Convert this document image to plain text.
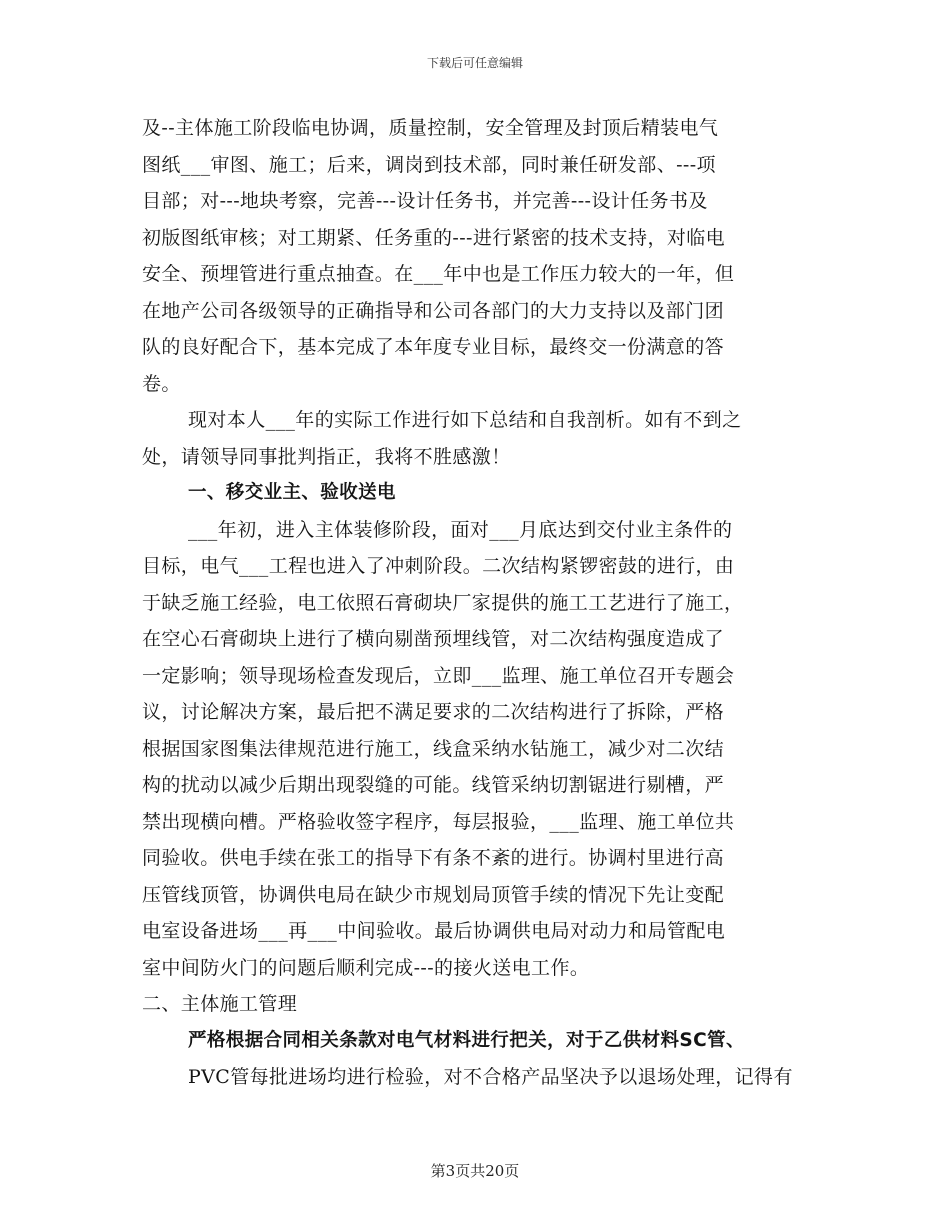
下载后可任意编辑
及--主体施工阶段临电协调，质量控制，安全管理及封顶后精装电气
图纸___审图、施工；后来，调岗到技术部，同时兼任研发部、---项
目部；对---地块考察，完善---设计任务书，并完善---设计任务书及
初版图纸审核；对工期紧、任务重的---进行紧密的技术支持，对临电
安全、预埋管进行重点抽查。在___年中也是工作压力较大的一年，但
在地产公司各级领导的正确指导和公司各部门的大力支持以及部门团
队的良好配合下，基本完成了本年度专业目标，最终交一份满意的答
卷。
现对本人___年的实际工作进行如下总结和自我剖析。如有不到之
处，请领导同事批判指正，我将不胜感激！
一、移交业主、验收送电
___年初，进入主体装修阶段，面对___月底达到交付业主条件的
目标，电气___工程也进入了冲刺阶段。二次结构紧锣密鼓的进行，由
于缺乏施工经验，电工依照石膏砌块厂家提供的施工工艺进行了施工，
在空心石膏砌块上进行了横向剔凿预埋线管，对二次结构强度造成了
一定影响；领导现场检查发现后，立即___监理、施工单位召开专题会
议，讨论解决方案，最后把不满足要求的二次结构进行了拆除，严格
根据国家图集法律规范进行施工，线盒采纳水钻施工，减少对二次结
构的扰动以减少后期出现裂缝的可能。线管采纳切割锯进行剔槽，严
禁出现横向槽。严格验收签字程序，每层报验，___监理、施工单位共
同验收。供电手续在张工的指导下有条不紊的进行。协调村里进行高
压管线顶管，协调供电局在缺少市规划局顶管手续的情况下先让变配
电室设备进场___再___中间验收。最后协调供电局对动力和局管配电
室中间防火门的问题后顺利完成---的接火送电工作。
二、主体施工管理
严格根据合同相关条款对电气材料进行把关，对于乙供材料SC管、
PVC管每批进场均进行检验，对不合格产品坚决予以退场处理，记得有
第3页共20页
